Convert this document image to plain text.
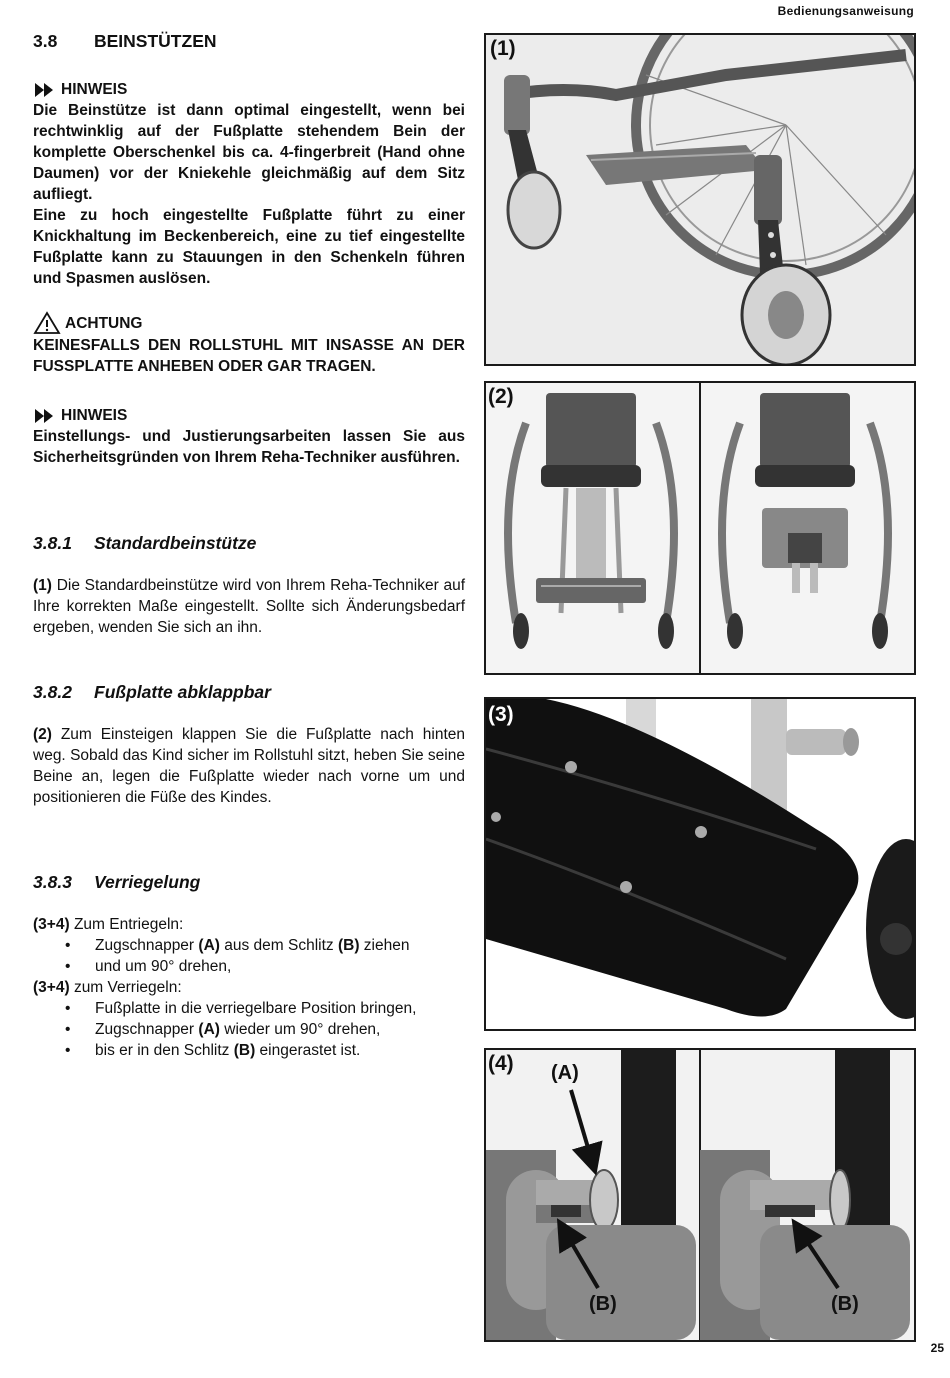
Bedienungsanweisung
25
3.8 BEINSTÜTZEN
HINWEIS
Die Beinstütze ist dann optimal eingestellt, wenn bei rechtwinklig auf der Fußplatte stehendem Bein der komplette Oberschenkel bis ca. 4-fingerbreit (Hand ohne Daumen) vor der Kniekehle gleichmäßig auf dem Sitz aufliegt.
Eine zu hoch eingestellte Fußplatte führt zu einer Knickhaltung im Beckenbereich, eine zu tief eingestellte Fußplatte kann zu Stauungen in den Schenkeln führen und Spasmen auslösen.
ACHTUNG
KEINESFALLS DEN ROLLSTUHL MIT INSASSE AN DER FUSSPLATTE ANHEBEN ODER GAR TRAGEN.
HINWEIS
Einstellungs- und Justierungsarbeiten lassen Sie aus Sicherheitsgründen von Ihrem Reha-Techniker ausführen.
3.8.1 Standardbeinstütze
(1) Die Standardbeinstütze wird von Ihrem Reha-Techniker auf Ihre korrekten Maße eingestellt. Sollte sich Änderungsbedarf ergeben, wenden Sie sich an ihn.
3.8.2 Fußplatte abklappbar
(2) Zum Einsteigen klappen Sie die Fußplatte nach hinten weg. Sobald das Kind sicher im Rollstuhl sitzt, heben Sie seine Beine an, legen die Fußplatte wieder nach vorne um und positionieren die Füße des Kindes.
3.8.3 Verriegelung
(3+4) Zum Entriegeln:
• Zugschnapper (A) aus dem Schlitz (B) ziehen
• und um 90° drehen,
(3+4) zum Verriegeln:
• Fußplatte in die verriegelbare Position bringen,
• Zugschnapper (A) wieder um 90° drehen,
• bis er in den Schlitz (B) eingerastet ist.
(1)
(2)
(3)
(4) (A)
(B)	(B)
